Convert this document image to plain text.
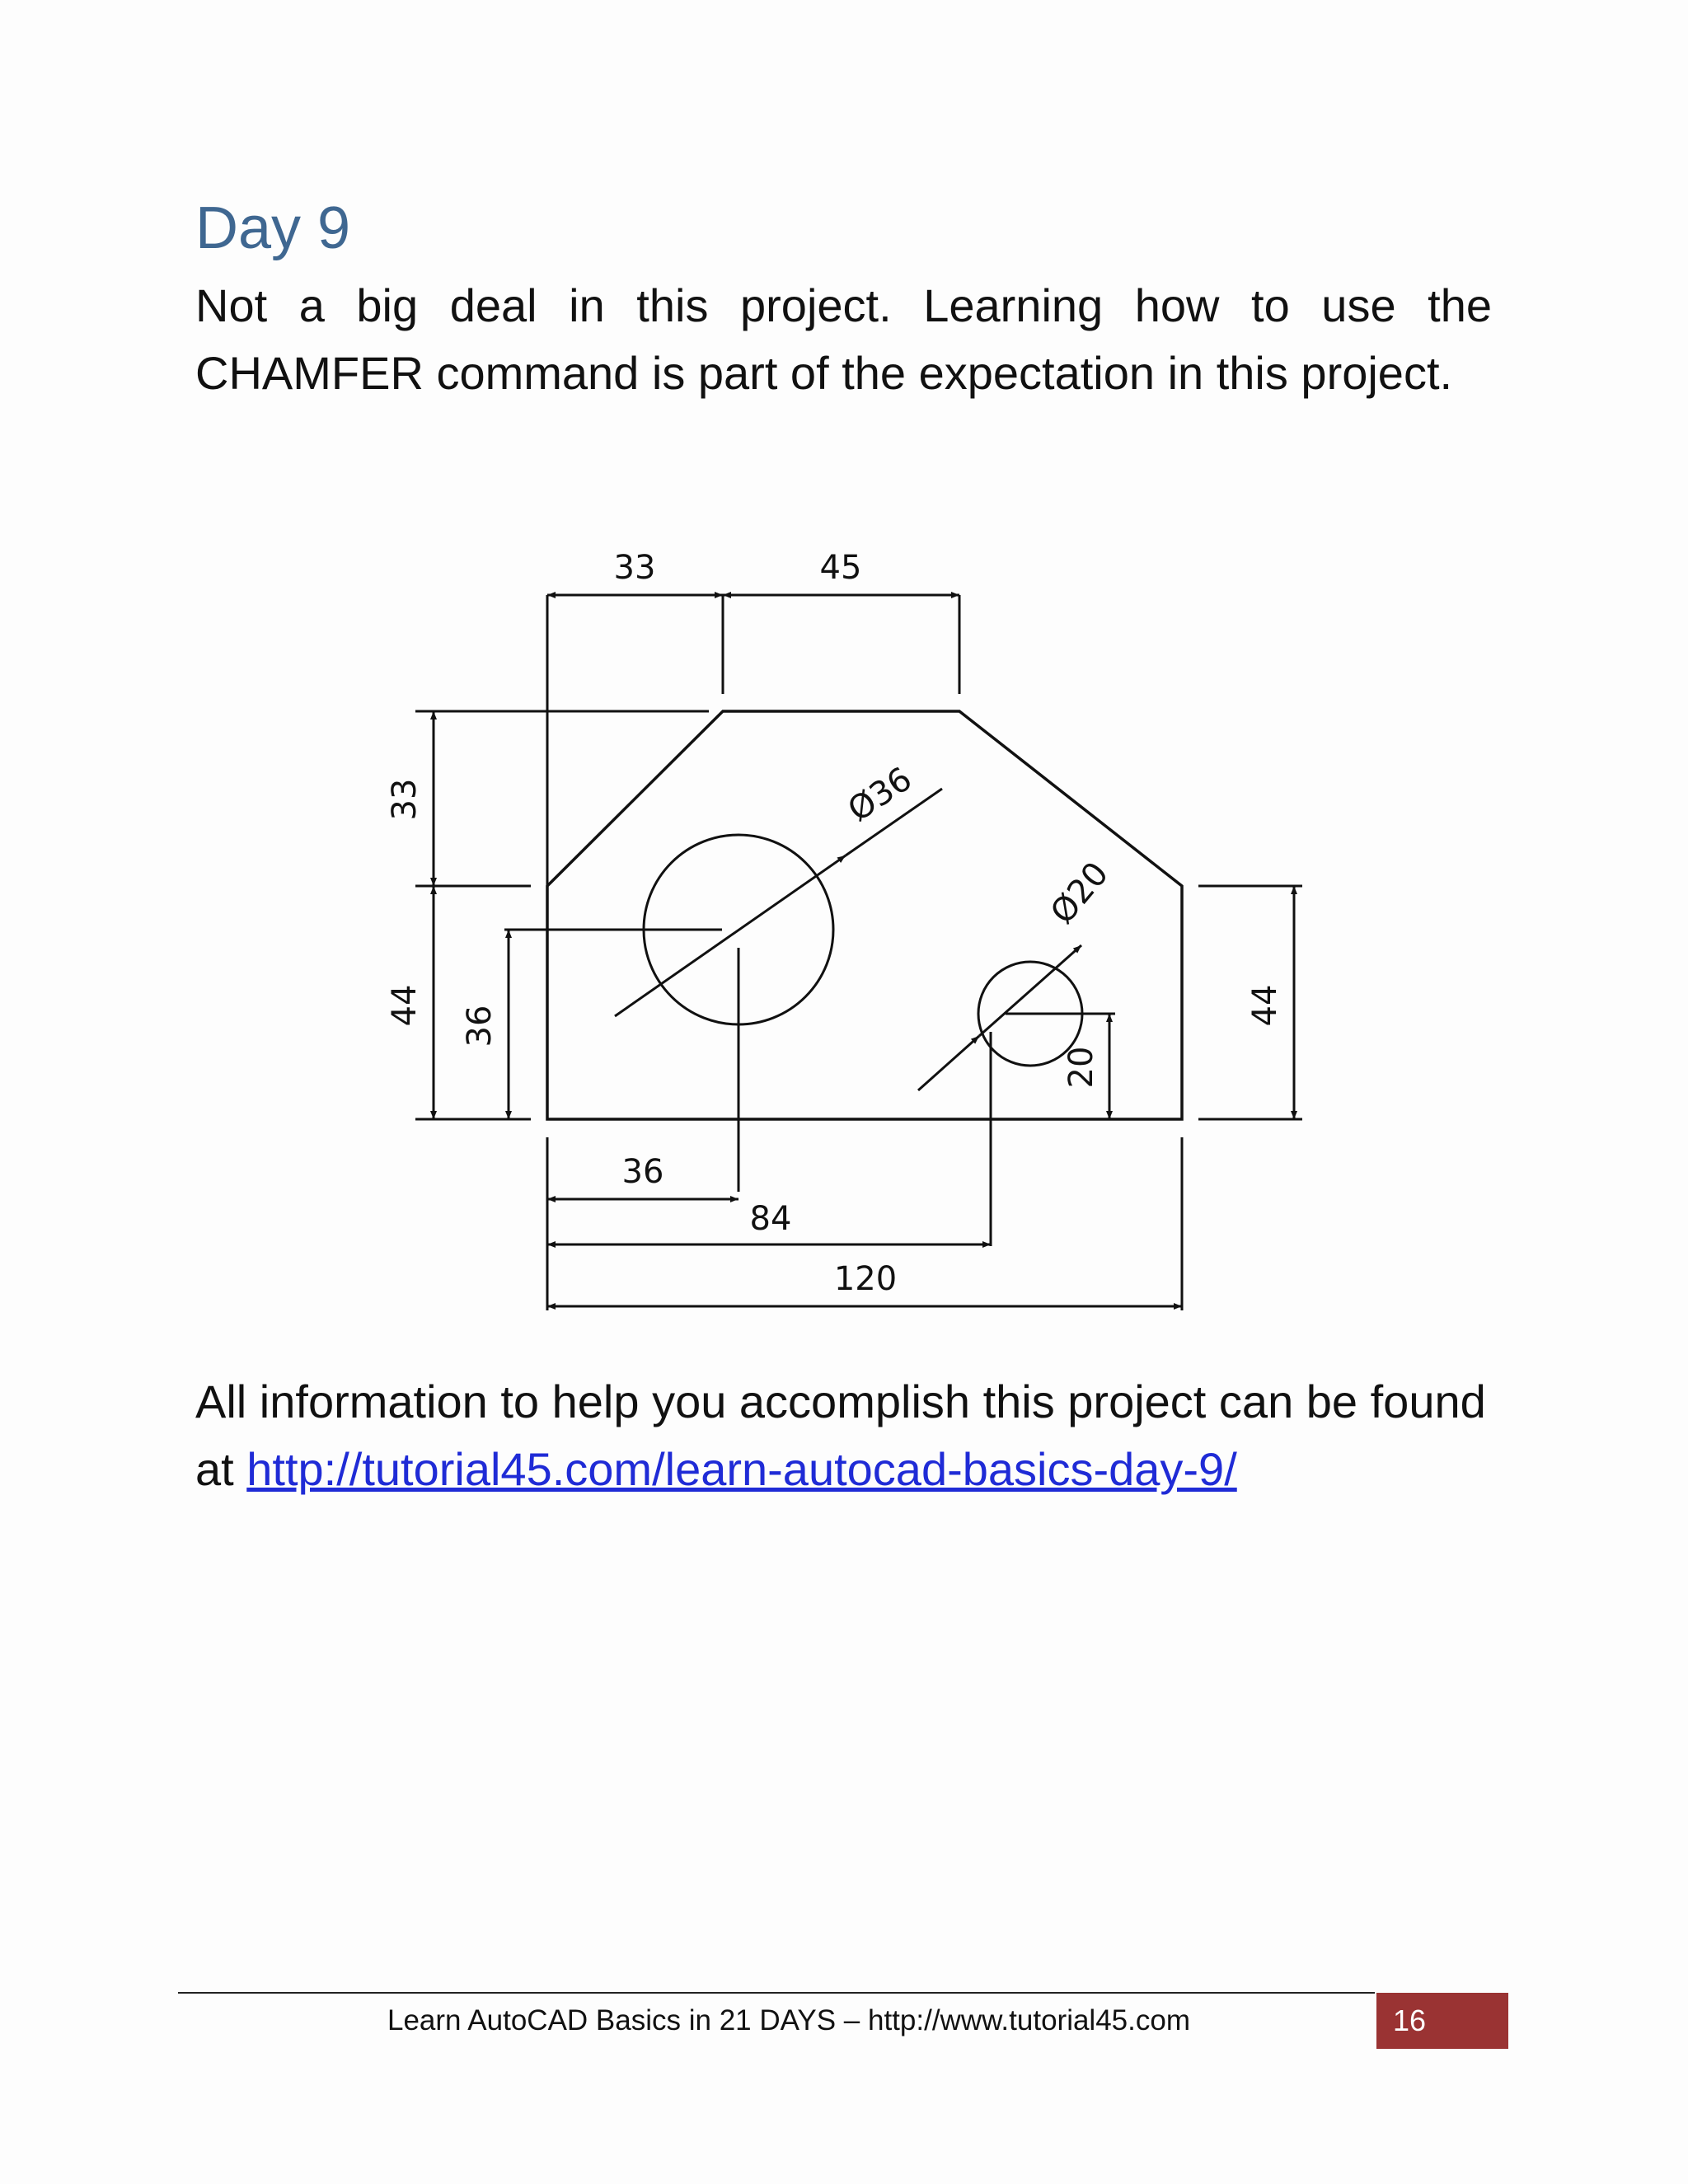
Day 9

Not a big deal in this project. Learning how to use the CHAMFER command is part of the expectation in this project.

33	45
33
44 36	44
20
36
84
120
Ø36
Ø20

All information to help you accomplish this project can be found at http://tutorial45.com/learn-autocad-basics-day-9/

Learn AutoCAD Basics in 21 DAYS – http://www.tutorial45.com	16
